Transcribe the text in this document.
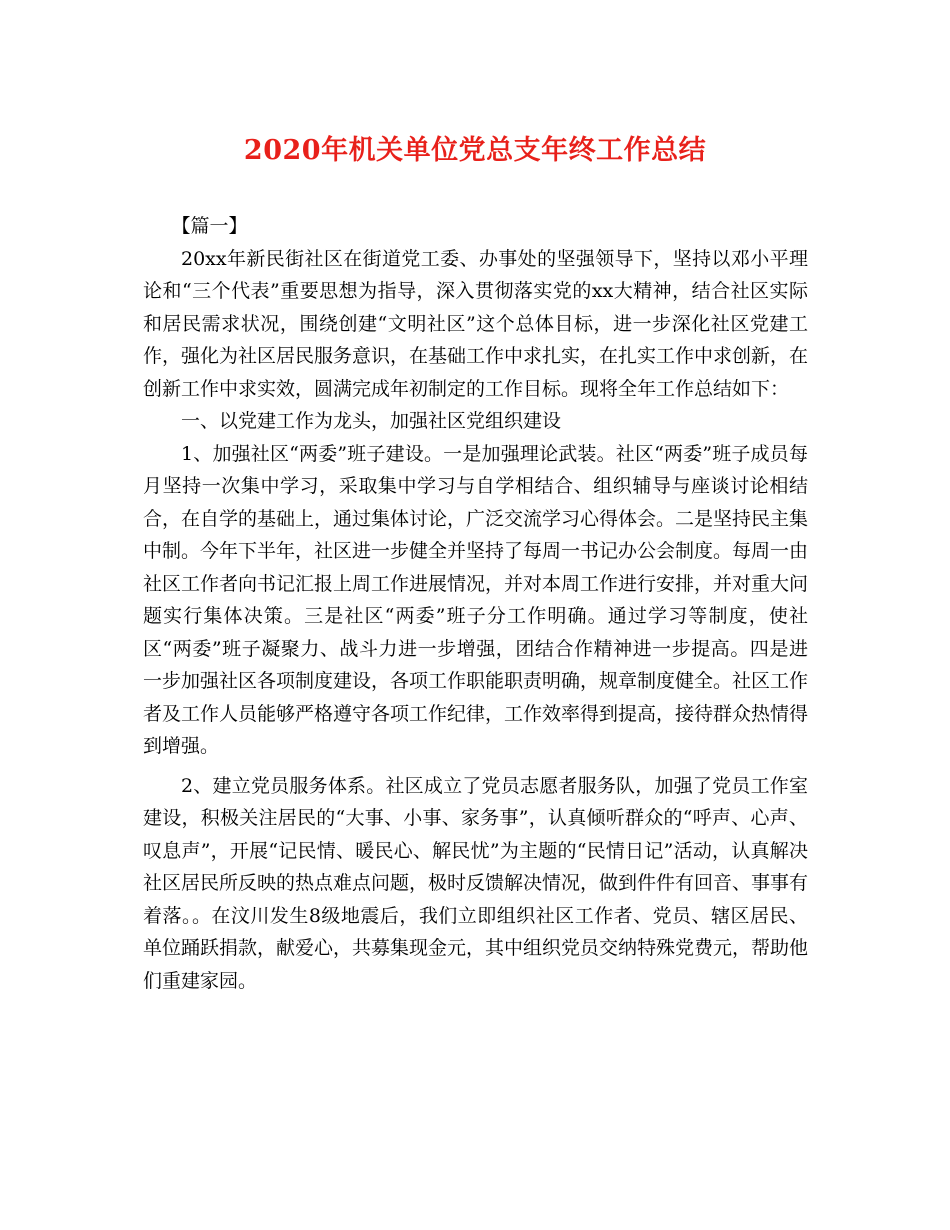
2020年机关单位党总支年终工作总结

【篇一】

20xx年新民街社区在街道党工委、办事处的坚强领导下，坚持以邓小平理论和“三个代表”重要思想为指导，深入贯彻落实党的xx大精神，结合社区实际和居民需求状况，围绕创建“文明社区”这个总体目标，进一步深化社区党建工作，强化为社区居民服务意识，在基础工作中求扎实，在扎实工作中求创新，在创新工作中求实效，圆满完成年初制定的工作目标。现将全年工作总结如下：

一、以党建工作为龙头，加强社区党组织建设

1、加强社区“两委”班子建设。一是加强理论武装。社区“两委”班子成员每月坚持一次集中学习，采取集中学习与自学相结合、组织辅导与座谈讨论相结合，在自学的基础上，通过集体讨论，广泛交流学习心得体会。二是坚持民主集中制。今年下半年，社区进一步健全并坚持了每周一书记办公会制度。每周一由社区工作者向书记汇报上周工作进展情况，并对本周工作进行安排，并对重大问题实行集体决策。三是社区“两委”班子分工作明确。通过学习等制度，使社区“两委”班子凝聚力、战斗力进一步增强，团结合作精神进一步提高。四是进一步加强社区各项制度建设，各项工作职能职责明确，规章制度健全。社区工作者及工作人员能够严格遵守各项工作纪律，工作效率得到提高，接待群众热情得到增强。

2、建立党员服务体系。社区成立了党员志愿者服务队，加强了党员工作室建设，积极关注居民的“大事、小事、家务事”，认真倾听群众的“呼声、心声、叹息声”，开展“记民情、暖民心、解民忧”为主题的“民情日记”活动，认真解决社区居民所反映的热点难点问题，极时反馈解决情况，做到件件有回音、事事有着落。。在汶川发生8级地震后，我们立即组织社区工作者、党员、辖区居民、单位踊跃捐款，献爱心，共募集现金元，其中组织党员交纳特殊党费元，帮助他们重建家园。
